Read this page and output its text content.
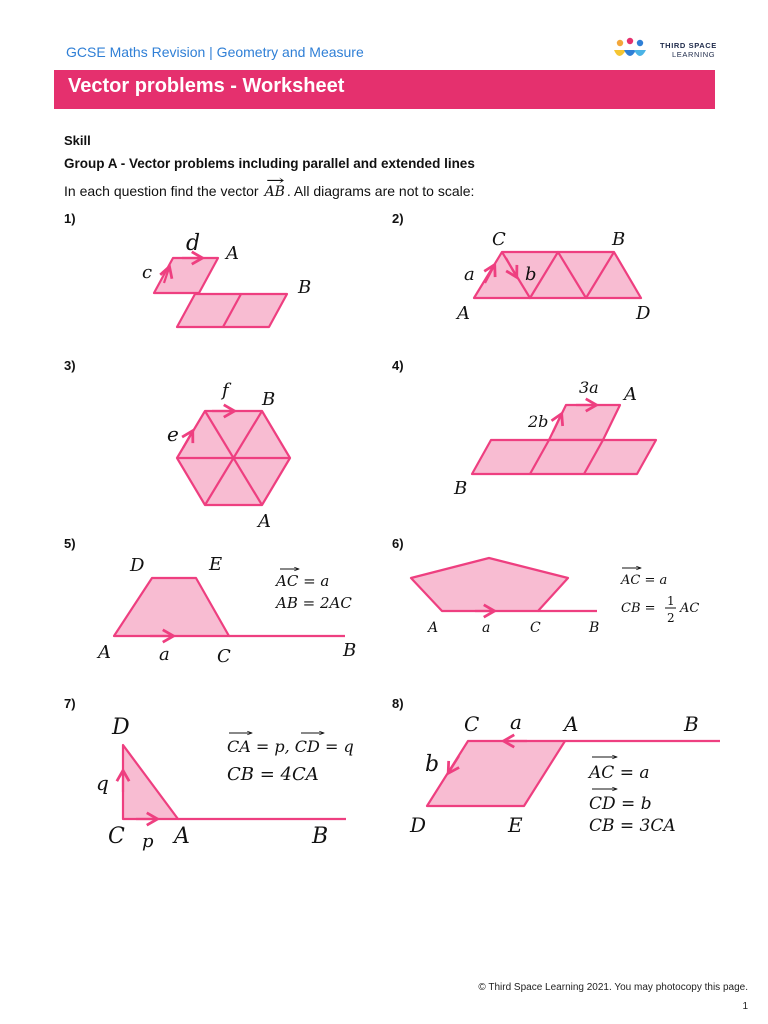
GCSE Maths Revision | Geometry and Measure	THIRD SPACE
LEARNING
Vector problems - Worksheet
Skill
Group A - Vector problems including parallel and extended lines
In each question find the vector → AB . All diagrams are not to scale:
1)	2)
3)	4)
5)	6)
7)	8)
d A
c
B
C	B
a	b
A	D
f B
e
A
3a A
2b
B
D	E
A	a	C	B
AC = a
AB = 2AC
A	a	C	B
AC = a
CB = 1
2
AC
D
q
C p A	B
CA = p, CD = q
CB = 4CA
C a A	B
b
D	E
AC = a
CD = b
CB = 3CA
© Third Space Learning 2021. You may photocopy this page.
1
